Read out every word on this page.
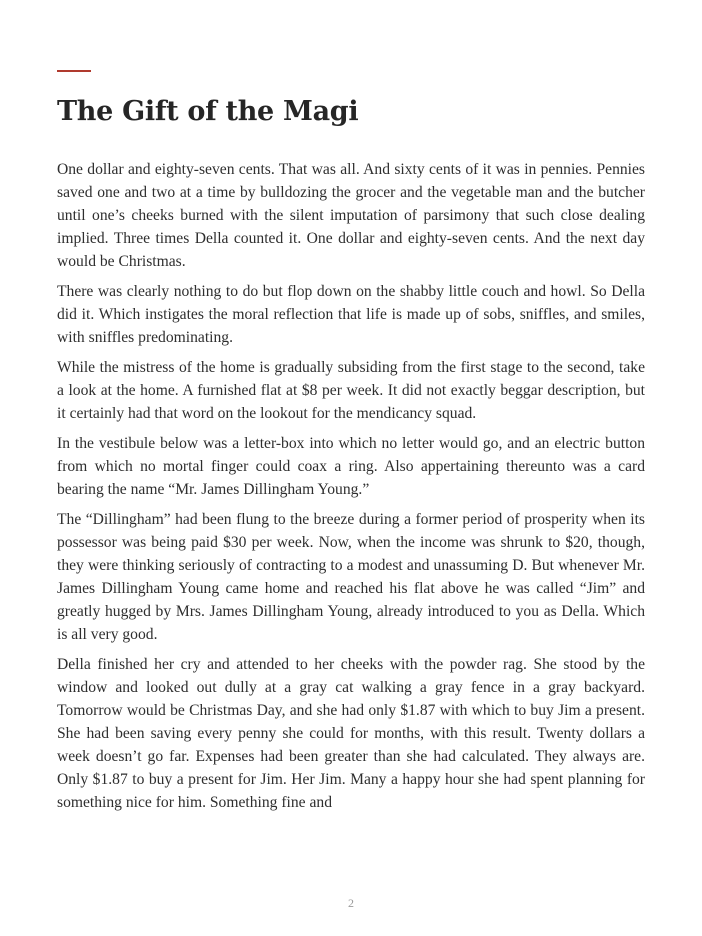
The Gift of the Magi

One dollar and eighty-seven cents. That was all. And sixty cents of it was in pennies. Pennies saved one and two at a time by bulldozing the grocer and the vegetable man and the butcher until one’s cheeks burned with the silent imputation of parsimony that such close dealing implied. Three times Della counted it. One dollar and eighty-seven cents. And the next day would be Christmas.

There was clearly nothing to do but flop down on the shabby little couch and howl. So Della did it. Which instigates the moral reflection that life is made up of sobs, sniffles, and smiles, with sniffles predominating.

While the mistress of the home is gradually subsiding from the first stage to the second, take a look at the home. A furnished flat at $8 per week. It did not exactly beggar description, but it certainly had that word on the lookout for the mendicancy squad.

In the vestibule below was a letter-box into which no letter would go, and an electric button from which no mortal finger could coax a ring. Also appertaining thereunto was a card bearing the name “Mr. James Dillingham Young.”

The “Dillingham” had been flung to the breeze during a former period of prosperity when its possessor was being paid $30 per week. Now, when the income was shrunk to $20, though, they were thinking seriously of contracting to a modest and unassuming D. But whenever Mr. James Dillingham Young came home and reached his flat above he was called “Jim” and greatly hugged by Mrs. James Dillingham Young, already introduced to you as Della. Which is all very good.

Della finished her cry and attended to her cheeks with the powder rag. She stood by the window and looked out dully at a gray cat walking a gray fence in a gray backyard. Tomorrow would be Christmas Day, and she had only $1.87 with which to buy Jim a present. She had been saving every penny she could for months, with this result. Twenty dollars a week doesn’t go far. Expenses had been greater than she had calculated. They always are. Only $1.87 to buy a present for Jim. Her Jim. Many a happy hour she had spent planning for something nice for him. Something fine and

2
